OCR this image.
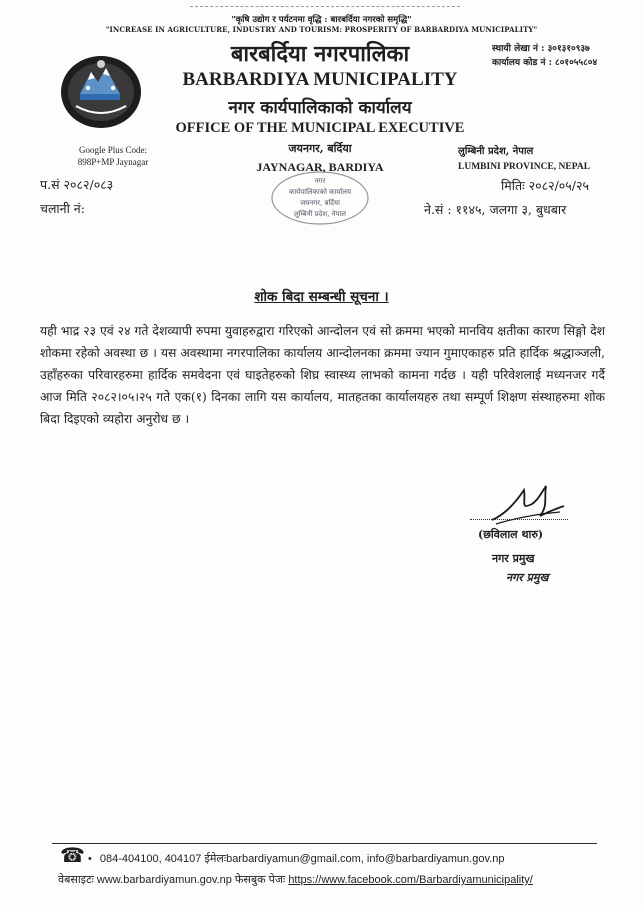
"कृषि उद्योग र पर्यटनमा वृद्धि : बारबर्दिया नगरको समृद्धि"
"INCREASE IN AGRICULTURE, INDUSTRY AND TOURISM: PROSPERITY OF BARBARDIYA MUNICIPALITY"
बारबर्दिया नगरपालिका
BARBARDIYA MUNICIPALITY
नगर कार्यपालिकाको कार्यालय
OFFICE OF THE MUNICIPAL EXECUTIVE
स्थायी लेखा नं : ३०१३१०९३७
कार्यालय कोड नं : ८०१०५५८०४
Google Plus Code:
898P+MP Jaynagar
जयनगर, बर्दिया
JAYNAGAR, BARDIYA
लुम्बिनी प्रदेश, नेपाल
LUMBINI PROVINCE, NEPAL
नगर
कार्यपालिकाको कार्यालय
जयनगर, बर्दिया
लुम्बिनी प्रदेश, नेपाल
प.सं २०८२/०८३
चलानी नं:
मितिः २०८२/०५/२५
ने.सं : ११४५, जलगा ३, बुधबार
शोक बिदा सम्बन्धी सूचना ।
यही भाद्र २३ एवं २४ गते देशव्यापी रुपमा युवाहरुद्वारा गरिएको आन्दोलन एवं सो क्रममा भएको मानविय क्षतीका कारण सिङ्गो देश शोकमा रहेको अवस्था छ । यस अवस्थामा नगरपालिका कार्यालय आन्दोलनका क्रममा ज्यान गुमाएकाहरु प्रति हार्दिक श्रद्धाञ्जली, उहाँहरुका परिवारहरुमा हार्दिक समवेदना एवं घाइतेहरुको शिघ्र स्वास्थ्य लाभको कामना गर्दछ । यही परिवेशलाई मध्यनजर गर्दै आज मिति २०८२।०५।२५ गते एक(१) दिनका लागि यस कार्यालय, मातहतका कार्यालयहरु तथा सम्पूर्ण शिक्षण संस्थाहरुमा शोक बिदा दिइएको व्यहोरा अनुरोध छ ।
(छविलाल थारु)
नगर प्रमुख
नगर प्रमुख
☎ • 084-404100, 404107 ईमेलःbarbardiyamun@gmail.com, info@barbardiyamun.gov.np
वेबसाइटः www.barbardiyamun.gov.np फेसबुक पेजः https://www.facebook.com/Barbardiyamunicipality/
